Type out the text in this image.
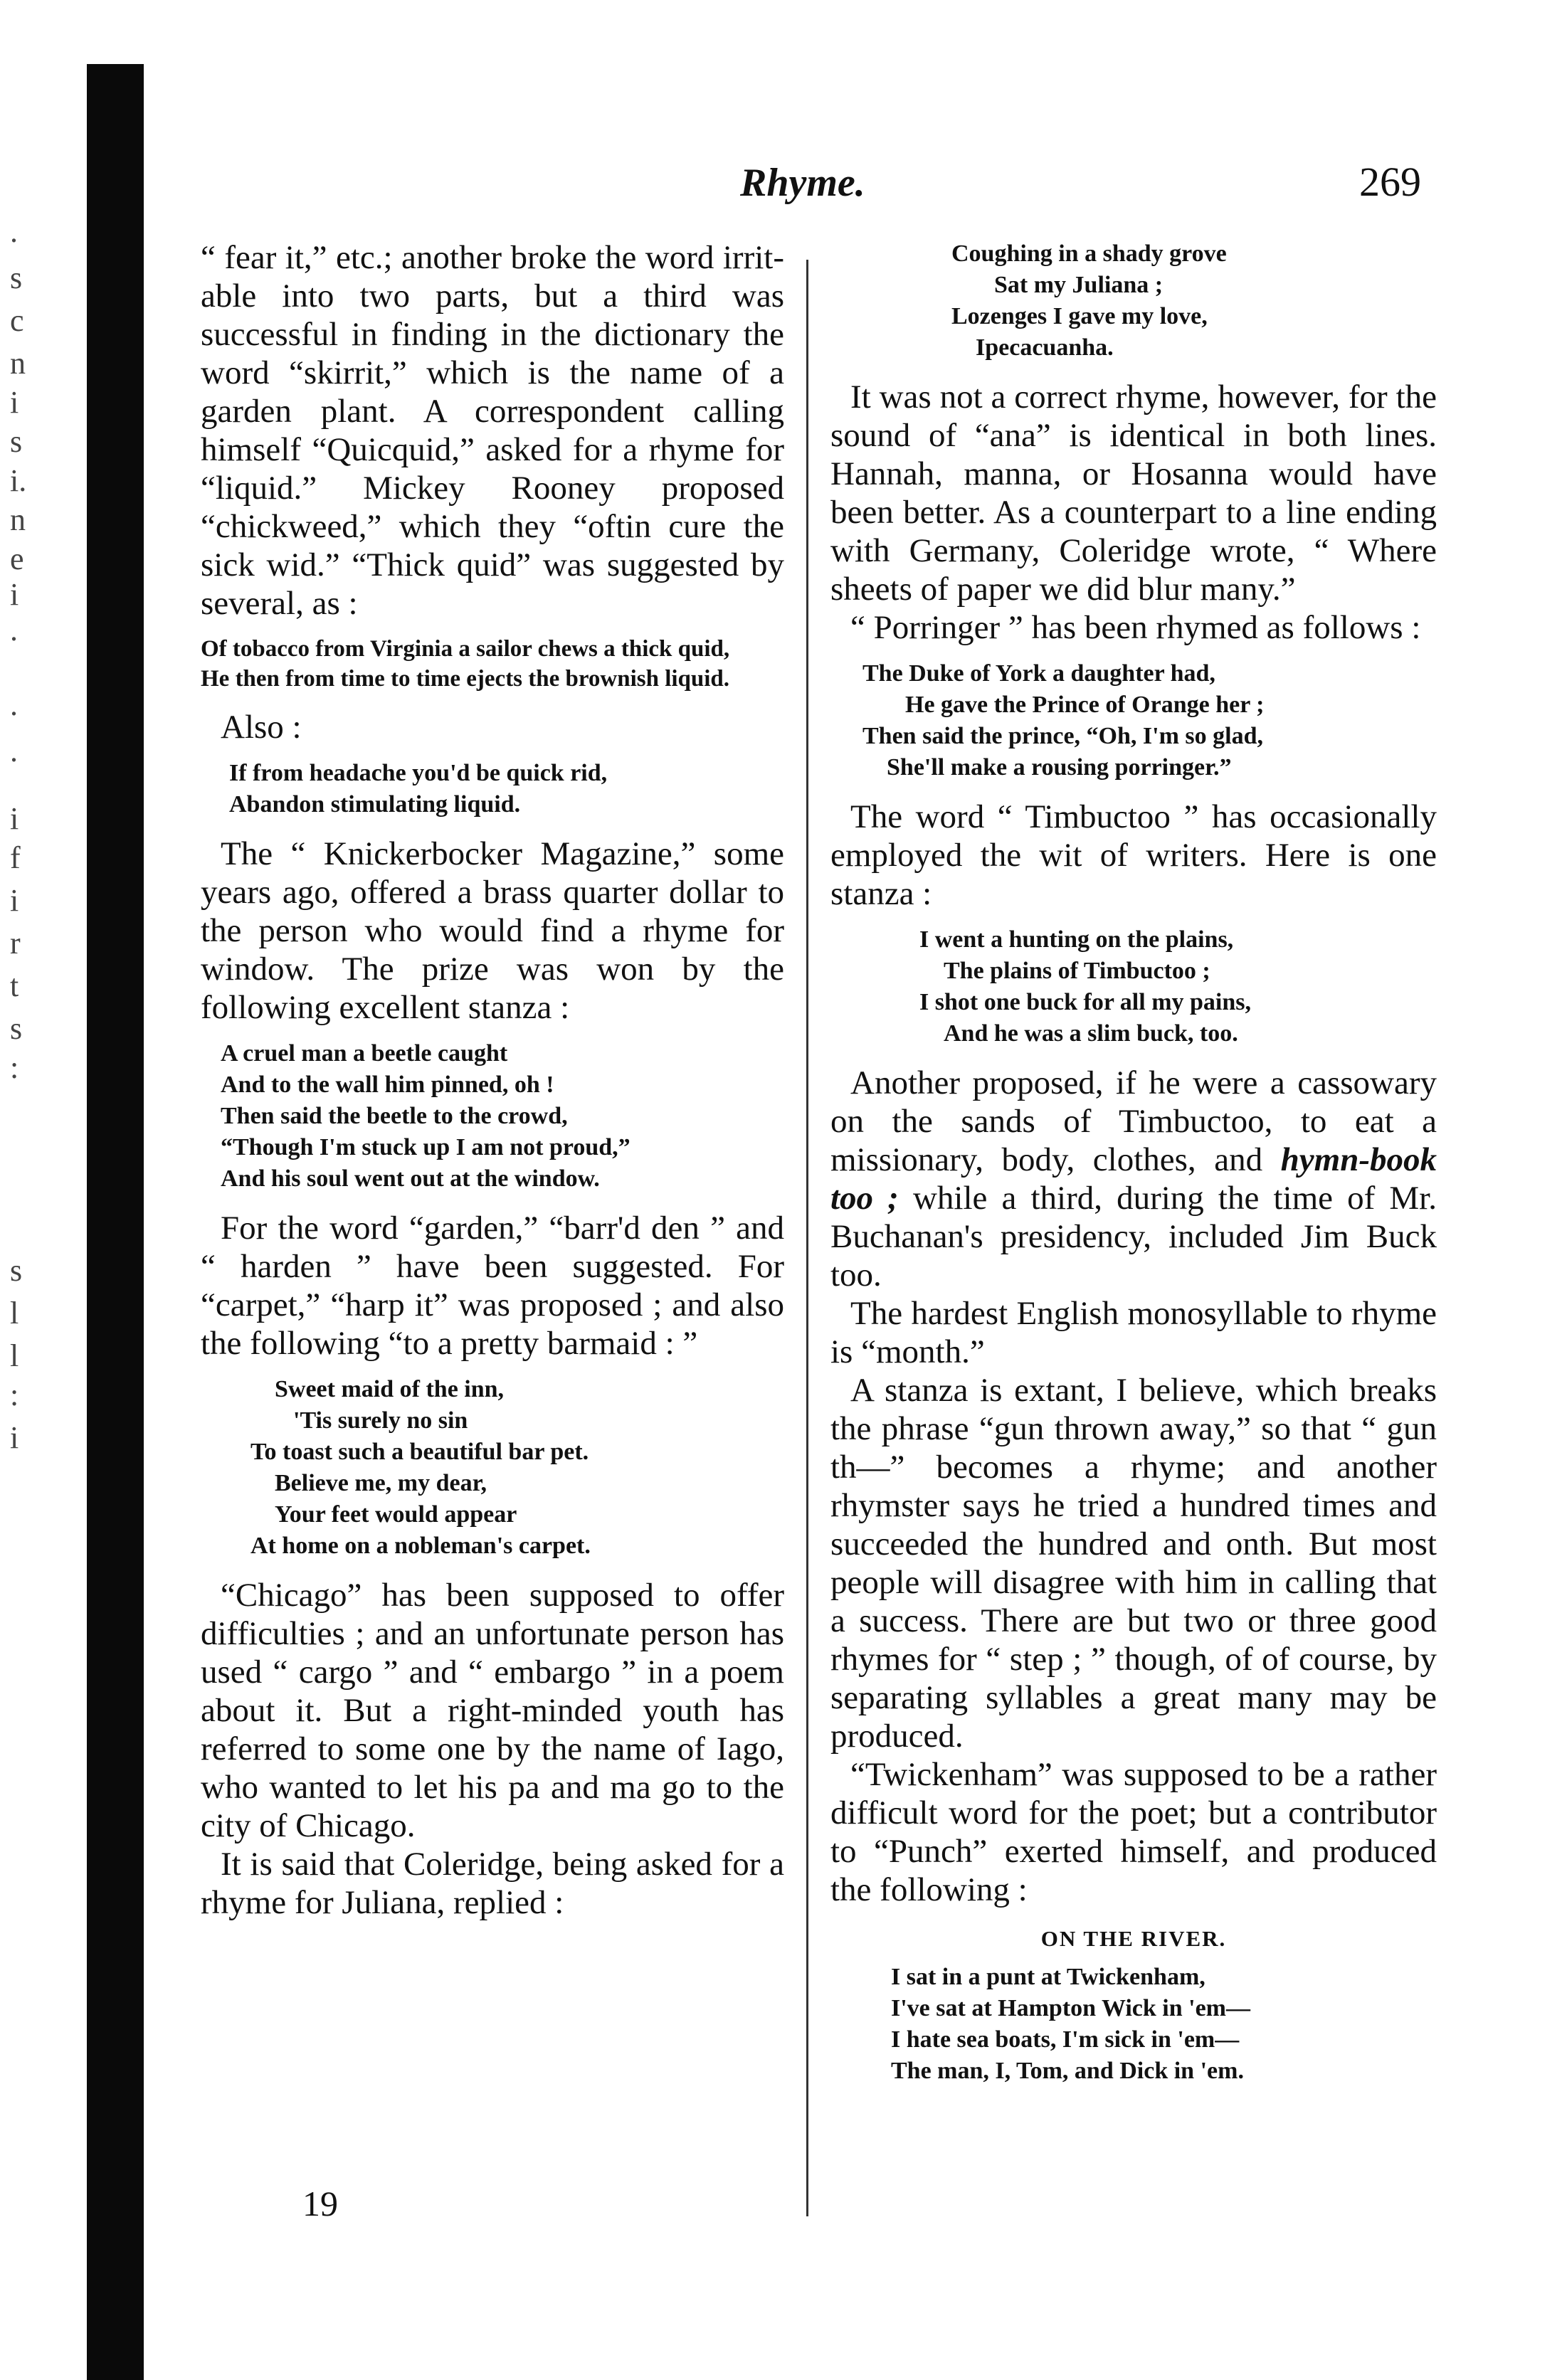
.
s
c
n
i
s
i.
n
e
i
.
.
.
i
f
i
r
t
s
:
s
l
l
:
i
Rhyme.	269

“ fear it,” etc.; another broke the word irrit-able into two parts, but a third was successful in finding in the dictionary the word “skirrit,” which is the name of a garden plant. A correspondent calling himself “Quicquid,” asked for a rhyme for “liquid.” Mickey Rooney proposed “chickweed,” which they “oftin cure the sick wid.” “Thick quid” was suggested by several, as :

Of tobacco from Virginia a sailor chews a thick quid,
He then from time to time ejects the brownish liquid.

Also :

If from headache you'd be quick rid,
Abandon stimulating liquid.

The “ Knickerbocker Magazine,” some years ago, offered a brass quarter dollar to the person who would find a rhyme for window. The prize was won by the following excellent stanza :

A cruel man a beetle caught
And to the wall him pinned, oh !
Then said the beetle to the crowd,
“Though I'm stuck up I am not proud,”
And his soul went out at the window.

For the word “garden,” “barr'd den ” and “ harden ” have been suggested. For “carpet,” “harp it” was proposed ; and also the following “to a pretty barmaid : ”

Sweet maid of the inn,
'Tis surely no sin
To toast such a beautiful bar pet.
Believe me, my dear,
Your feet would appear
At home on a nobleman's carpet.

“Chicago” has been supposed to offer difficulties ; and an unfortunate person has used “ cargo ” and “ embargo ” in a poem about it. But a right-minded youth has referred to some one by the name of Iago, who wanted to let his pa and ma go to the city of Chicago.

It is said that Coleridge, being asked for a rhyme for Juliana, replied :

Coughing in a shady grove
Sat my Juliana ;
Lozenges I gave my love,
Ipecacuanha.

It was not a correct rhyme, however, for the sound of “ana” is identical in both lines. Hannah, manna, or Hosanna would have been better. As a counterpart to a line ending with Germany, Coleridge wrote, “ Where sheets of paper we did blur many.”

“ Porringer ” has been rhymed as follows :

The Duke of York a daughter had,
He gave the Prince of Orange her ;
Then said the prince, “Oh, I'm so glad,
She'll make a rousing porringer.”

The word “ Timbuctoo ” has occasionally employed the wit of writers. Here is one stanza :

I went a hunting on the plains,
The plains of Timbuctoo ;
I shot one buck for all my pains,
And he was a slim buck, too.

Another proposed, if he were a cassowary on the sands of Timbuctoo, to eat a missionary, body, clothes, and hymn-book too ; while a third, during the time of Mr. Buchanan's presidency, included Jim Buck too.

The hardest English monosyllable to rhyme is “month.”

A stanza is extant, I believe, which breaks the phrase “gun thrown away,” so that “ gun th—” becomes a rhyme; and another rhymster says he tried a hundred times and succeeded the hundred and onth. But most people will disagree with him in calling that a success. There are but two or three good rhymes for “ step ; ” though, of of course, by separating syllables a great many may be produced.

“Twickenham” was supposed to be a rather difficult word for the poet; but a contributor to “Punch” exerted himself, and produced the following :

ON THE RIVER.
I sat in a punt at Twickenham,
I've sat at Hampton Wick in 'em—
I hate sea boats, I'm sick in 'em—
The man, I, Tom, and Dick in 'em.
19
